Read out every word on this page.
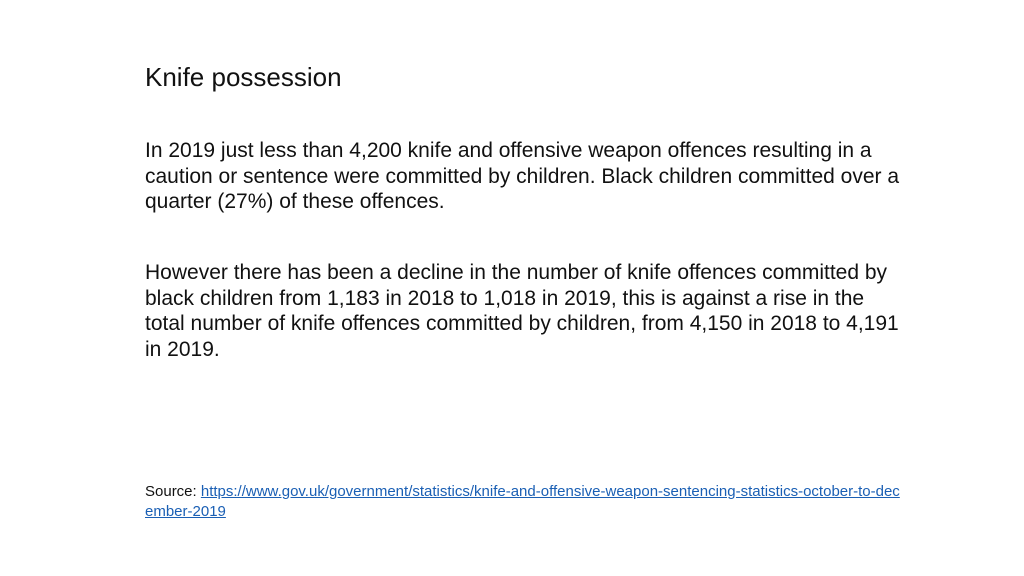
Knife possession

In 2019 just less than 4,200 knife and offensive weapon offences resulting in a caution or sentence were committed by children. Black children committed over a quarter (27%) of these offences.

However there has been a decline in the number of knife offences committed by black children from 1,183 in 2018 to 1,018 in 2019, this is against a rise in the total number of knife offences committed by children, from 4,150 in 2018 to 4,191 in 2019.

Source: https://www.gov.uk/government/statistics/knife-and-offensive-weapon-sentencing-statistics-october-to-december-2019
